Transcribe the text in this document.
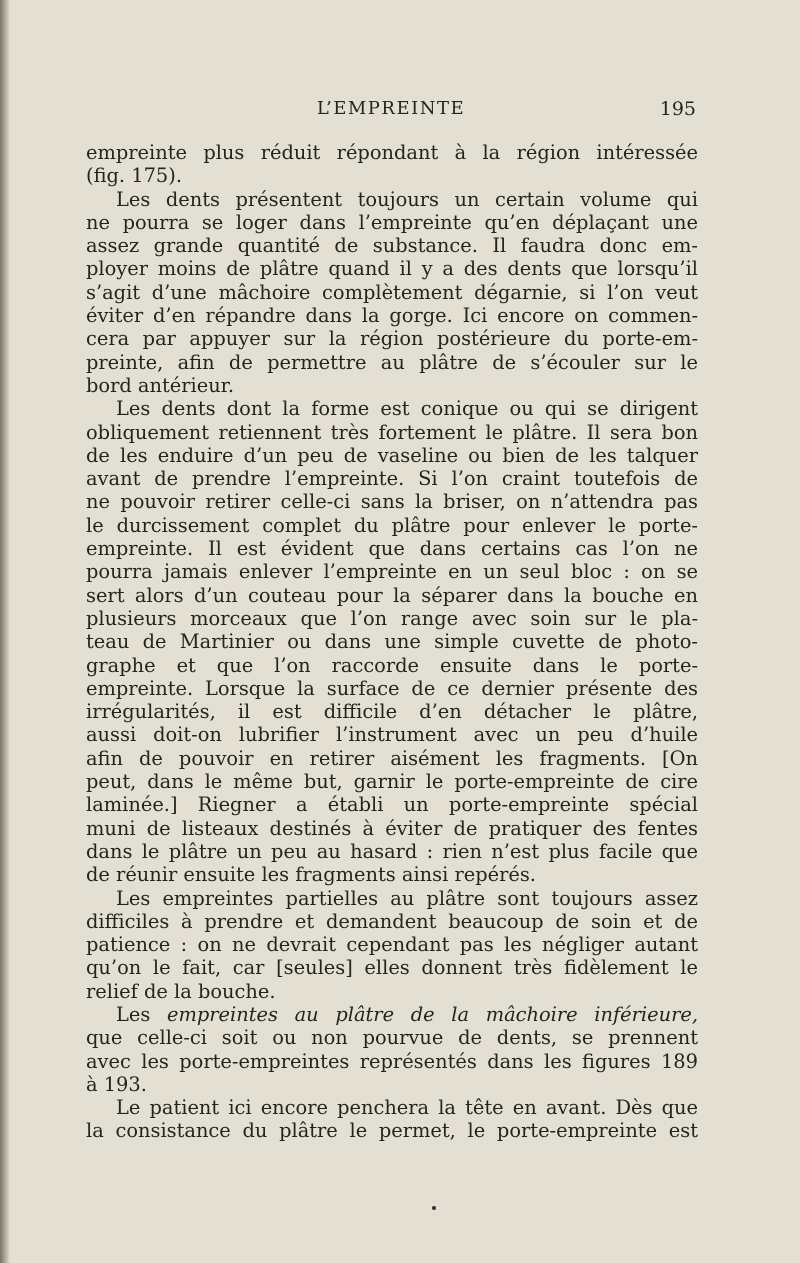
L’EMPREINTE	195

empreinte plus réduit répondant à la région intéressée
(fig. 175).

Les dents présentent toujours un certain volume qui
ne pourra se loger dans l’empreinte qu’en déplaçant une
assez grande quantité de substance. Il faudra donc em-
ployer moins de plâtre quand il y a des dents que lorsqu’il
s’agit d’une mâchoire complètement dégarnie, si l’on veut
éviter d’en répandre dans la gorge. Ici encore on commen-
cera par appuyer sur la région postérieure du porte-em-
preinte, afin de permettre au plâtre de s’écouler sur le
bord antérieur.

Les dents dont la forme est conique ou qui se dirigent
obliquement retiennent très fortement le plâtre. Il sera bon
de les enduire d’un peu de vaseline ou bien de les talquer
avant de prendre l’empreinte. Si l’on craint toutefois de
ne pouvoir retirer celle-ci sans la briser, on n’attendra pas
le durcissement complet du plâtre pour enlever le porte-
empreinte. Il est évident que dans certains cas l’on ne
pourra jamais enlever l’empreinte en un seul bloc : on se
sert alors d’un couteau pour la séparer dans la bouche en
plusieurs morceaux que l’on range avec soin sur le pla-
teau de Martinier ou dans une simple cuvette de photo-
graphe et que l’on raccorde ensuite dans le porte-
empreinte. Lorsque la surface de ce dernier présente des
irrégularités, il est difficile d’en détacher le plâtre,
aussi doit-on lubrifier l’instrument avec un peu d’huile
afin de pouvoir en retirer aisément les fragments. [On
peut, dans le même but, garnir le porte-empreinte de cire
laminée.] Riegner a établi un porte-empreinte spécial
muni de listeaux destinés à éviter de pratiquer des fentes
dans le plâtre un peu au hasard : rien n’est plus facile que
de réunir ensuite les fragments ainsi repérés.

Les empreintes partielles au plâtre sont toujours assez
difficiles à prendre et demandent beaucoup de soin et de
patience : on ne devrait cependant pas les négliger autant
qu’on le fait, car [seules] elles donnent très fidèlement le
relief de la bouche.

Les empreintes au plâtre de la mâchoire inférieure,
que celle-ci soit ou non pourvue de dents, se prennent
avec les porte-empreintes représentés dans les figures 189
à 193.

Le patient ici encore penchera la tête en avant. Dès que
la consistance du plâtre le permet, le porte-empreinte est
